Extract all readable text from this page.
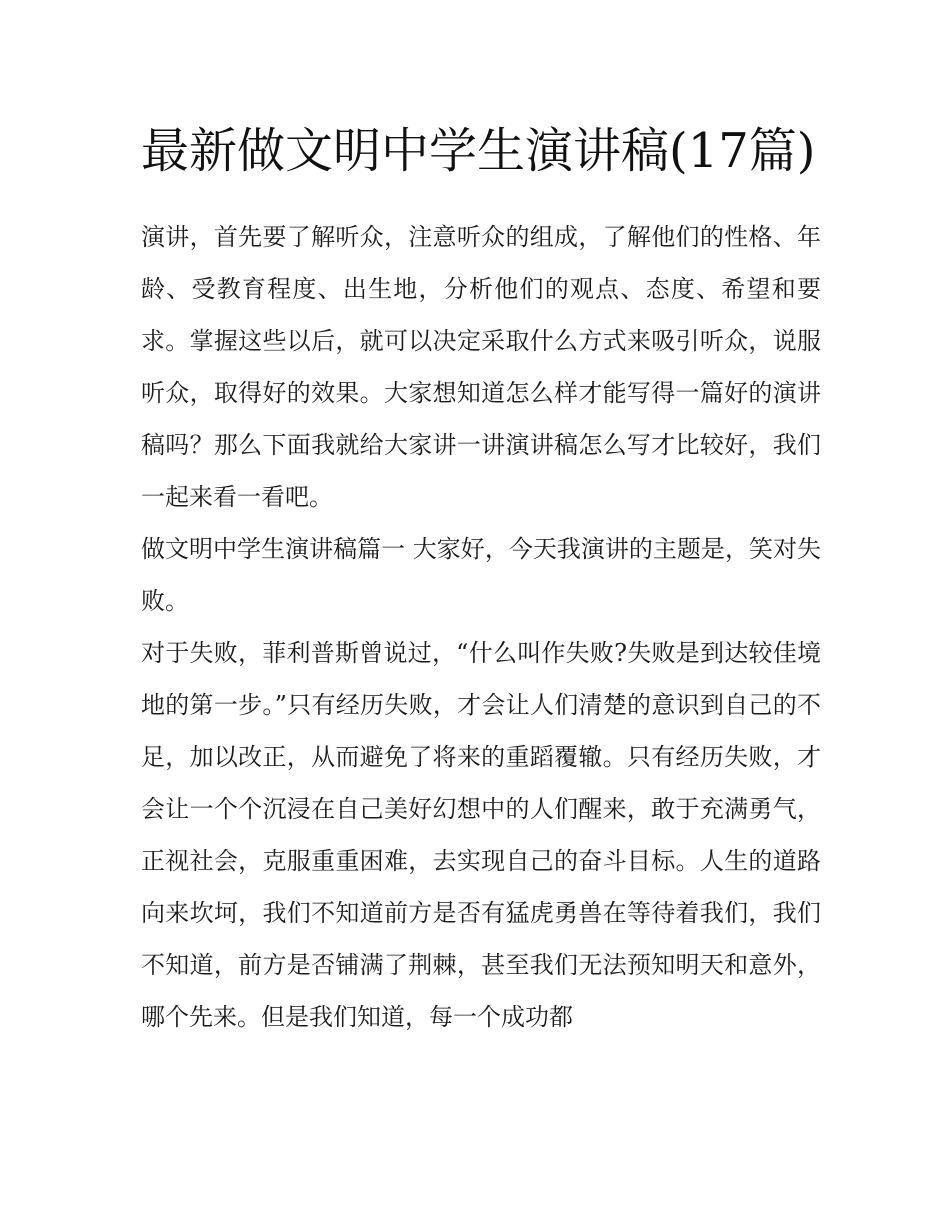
最新做文明中学生演讲稿(17篇)

演讲，首先要了解听众，注意听众的组成，了解他们的性格、年龄、受教育程度、出生地，分析他们的观点、态度、希望和要求。掌握这些以后，就可以决定采取什么方式来吸引听众，说服听众，取得好的效果。大家想知道怎么样才能写得一篇好的演讲稿吗？那么下面我就给大家讲一讲演讲稿怎么写才比较好，我们一起来看一看吧。

做文明中学生演讲稿篇一 大家好，今天我演讲的主题是，笑对失败。

对于失败，菲利普斯曾说过，“什么叫作失败?失败是到达较佳境地的第一步。”只有经历失败，才会让人们清楚的意识到自己的不足，加以改正，从而避免了将来的重蹈覆辙。只有经历失败，才会让一个个沉浸在自己美好幻想中的人们醒来，敢于充满勇气，正视社会，克服重重困难，去实现自己的奋斗目标。人生的道路向来坎坷，我们不知道前方是否有猛虎勇兽在等待着我们，我们不知道，前方是否铺满了荆棘，甚至我们无法预知明天和意外，哪个先来。但是我们知道，每一个成功都
